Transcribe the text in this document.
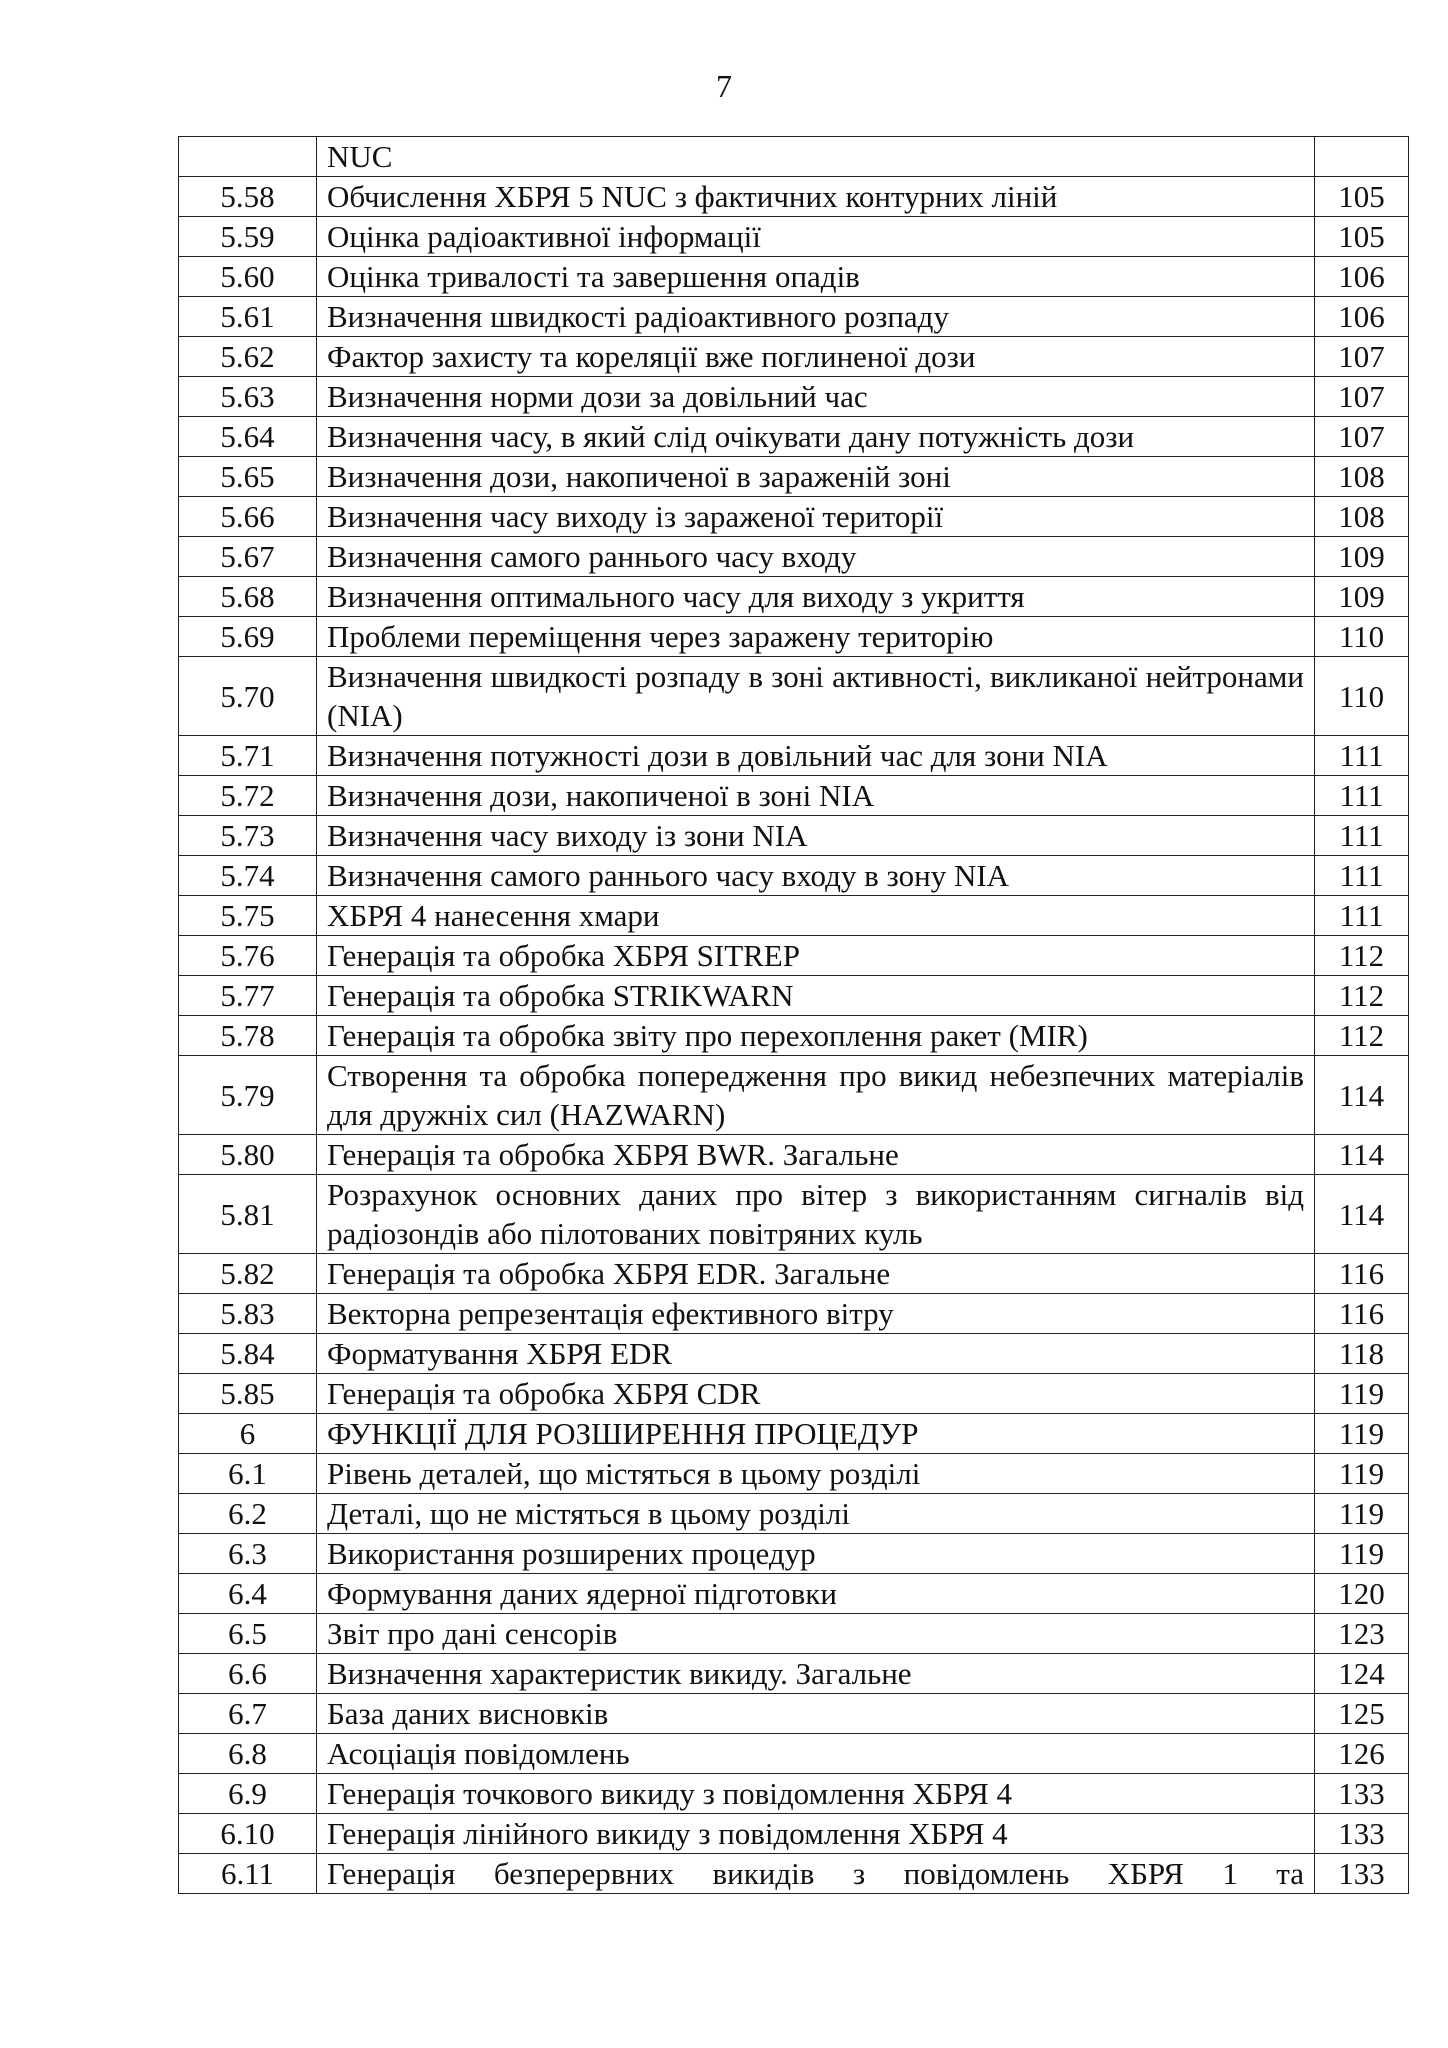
7
	NUC	
5.58	Обчислення ХБРЯ 5 NUC з фактичних контурних ліній	105
5.59	Оцінка радіоактивної інформації	105
5.60	Оцінка тривалості та завершення опадів	106
5.61	Визначення швидкості радіоактивного розпаду	106
5.62	Фактор захисту та кореляції вже поглиненої дози	107
5.63	Визначення норми дози за довільний час	107
5.64	Визначення часу, в який слід очікувати дану потужність дози	107
5.65	Визначення дози, накопиченої в зараженій зоні	108
5.66	Визначення часу виходу із зараженої території	108
5.67	Визначення самого раннього часу входу	109
5.68	Визначення оптимального часу для виходу з укриття	109
5.69	Проблеми переміщення через заражену територію	110
5.70	Визначення швидкості розпаду в зоні активності, викликаної нейтронами (NIA)	110
5.71	Визначення потужності дози в довільний час для зони NIA	111
5.72	Визначення дози, накопиченої в зоні NIA	111
5.73	Визначення часу виходу із зони NIA	111
5.74	Визначення самого раннього часу входу в зону NIA	111
5.75	ХБРЯ 4 нанесення хмари	111
5.76	Генерація та обробка ХБРЯ SITREP	112
5.77	Генерація та обробка STRIKWARN	112
5.78	Генерація та обробка звіту про перехоплення ракет (MIR)	112
5.79	Створення та обробка попередження про викид небезпечних матеріалів для дружніх сил (HAZWARN)	114
5.80	Генерація та обробка ХБРЯ BWR. Загальне	114
5.81	Розрахунок основних даних про вітер з використанням сигналів від радіозондів або пілотованих повітряних куль	114
5.82	Генерація та обробка ХБРЯ EDR. Загальне	116
5.83	Векторна репрезентація ефективного вітру	116
5.84	Форматування ХБРЯ EDR	118
5.85	Генерація та обробка ХБРЯ CDR	119
6	ФУНКЦІЇ ДЛЯ РОЗШИРЕННЯ ПРОЦЕДУР	119
6.1	Рівень деталей, що містяться в цьому розділі	119
6.2	Деталі, що не містяться в цьому розділі	119
6.3	Використання розширених процедур	119
6.4	Формування даних ядерної підготовки	120
6.5	Звіт про дані сенсорів	123
6.6	Визначення характеристик викиду. Загальне	124
6.7	База даних висновків	125
6.8	Асоціація повідомлень	126
6.9	Генерація точкового викиду з повідомлення ХБРЯ 4	133
6.10	Генерація лінійного викиду з повідомлення ХБРЯ 4	133
6.11	Генерація безперервних викидів з повідомлень ХБРЯ 1 та	133
